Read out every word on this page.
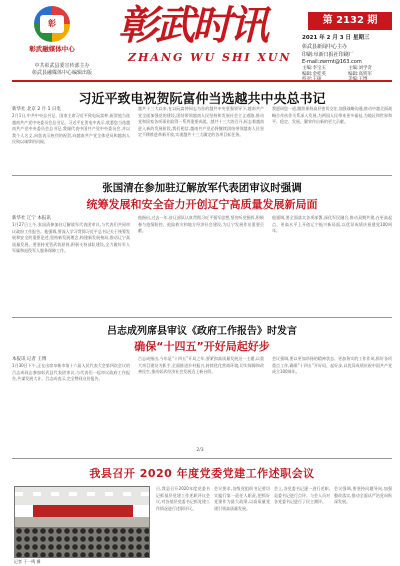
彰
彰武融媒体中心
中共彰武县委宣传部主办
彰武县融媒体中心编辑出版
彰武时讯
ZHANG WU SHI XUN
第 2132 期
2021 年 2 月 3 日 星期三
彰武县新闻中心主办
印刷:阜新日报社印刷厂
E-mail:zwrmt@163.com
主编:李宝玉
编辑:金桂英

主编:刘学奇
编辑:高铁军

习近平致电祝贺阮富仲当选越共中央总书记
新华社 北京 2 月 1 日电
2月1日,中共中央总书记、国家主席习近平致电阮富仲,祝贺他当选越南共产党中央委员会总书记。习近平在贺电中表示,欣悉您当选越南共产党中央委员会总书记,我谨代表中国共产党中央委员会,并以我个人名义,向您表示热烈的祝贺,向越南共产党全体党员和越南人民致以诚挚的问候。
越共十三大以来,在以阮富仲同志为首的越共中央坚强领导下,越南共产党全面加强党的建设,团结带领越南人民坚持和发展社会主义道路,推动党和国家各项事业取得一系列重要成就。越共十三大的召开,标志着越南进入新的发展阶段,我们相信,越南共产党必将继续团结带领越南人民坚定不移推进革新开放,实现越共十三大确定的各项目标任务。
我愿同您一道,继续保持高层密切交往,加强战略沟通,推动中越全面战略合作伙伴关系深入发展,为两国人民带来更多福祉,为地区和世界和平、稳定、发展、繁荣作出新的更大贡献。
张国清在参加驻辽解放军代表团审议时强调
统筹发展和安全奋力开创辽宁高质量发展新局面
新华社 辽宁 本报讯
1月27日上午,张国清参加驻辽解放军代表团审议,与代表们共同审议政府工作报告。他强调,要深入学习贯彻习近平总书记关于统筹发展和安全的重要论述,坚持新发展理念,构建新发展格局,推动辽宁高质量发展。要坚持党管武装原则,积极支持部队建设,全力做好军人军属和退役军人服务保障工作。
他指出,过去一年,驻辽部队认真贯彻习近平强军思想,坚决听党指挥,积极参与疫情防控、抢险救灾和地方经济社会建设,为辽宁发展作出重要贡献。
他强调,要全面落实各项部署,深化军民融合,推动双拥共建,在更高起点、更高水平上开创辽宁振兴新局面,以优异成绩庆祝建党100周年。
吕志成列席县审议《政府工作报告》时发言
确保“十四五”开好局起好步
本报讯 记者 王博
1月30日下午,正在出席阜新市第十六届人民代表大会第四次会议的吕志成同志参加彰武县代表团审议,与代表们一起审议政府工作报告,共谋发展大计。吕志成表示,完全赞同这份报告。
吕志成指出,今年是“十四五”开局之年,要紧扣高质量发展这一主题,以重大项目建设为抓手,全面推进乡村振兴,持续优化营商环境,切实保障和改善民生,推动彰武经济社会发展迈上新台阶。
会议强调,要以更加昂扬的精神状态、更加务实的工作作风,抓好各项重点工作,确保“十四五”开好局、起好步,以优异成绩庆祝中国共产党成立100周年。
2/3
我县召开 2020 年度党委党建工作述职会议
记者 于一鸣 摄
日,我县召开2020年度党委书记抓基层党建工作述职评议会议,对各基层党委书记抓党建工作情况进行述职评议。
会议要求,各级党组织书记要切实履行第一责任人职责,把抓好党建作为最大政绩,以高质量党建引领高质量发展。
会上,各党委书记逐一进行述职,县委书记进行点评。与会人员对各党委书记进行了民主测评。
会议强调,要坚持问题导向,加强整改落实,推动全面从严治党向纵深发展。
